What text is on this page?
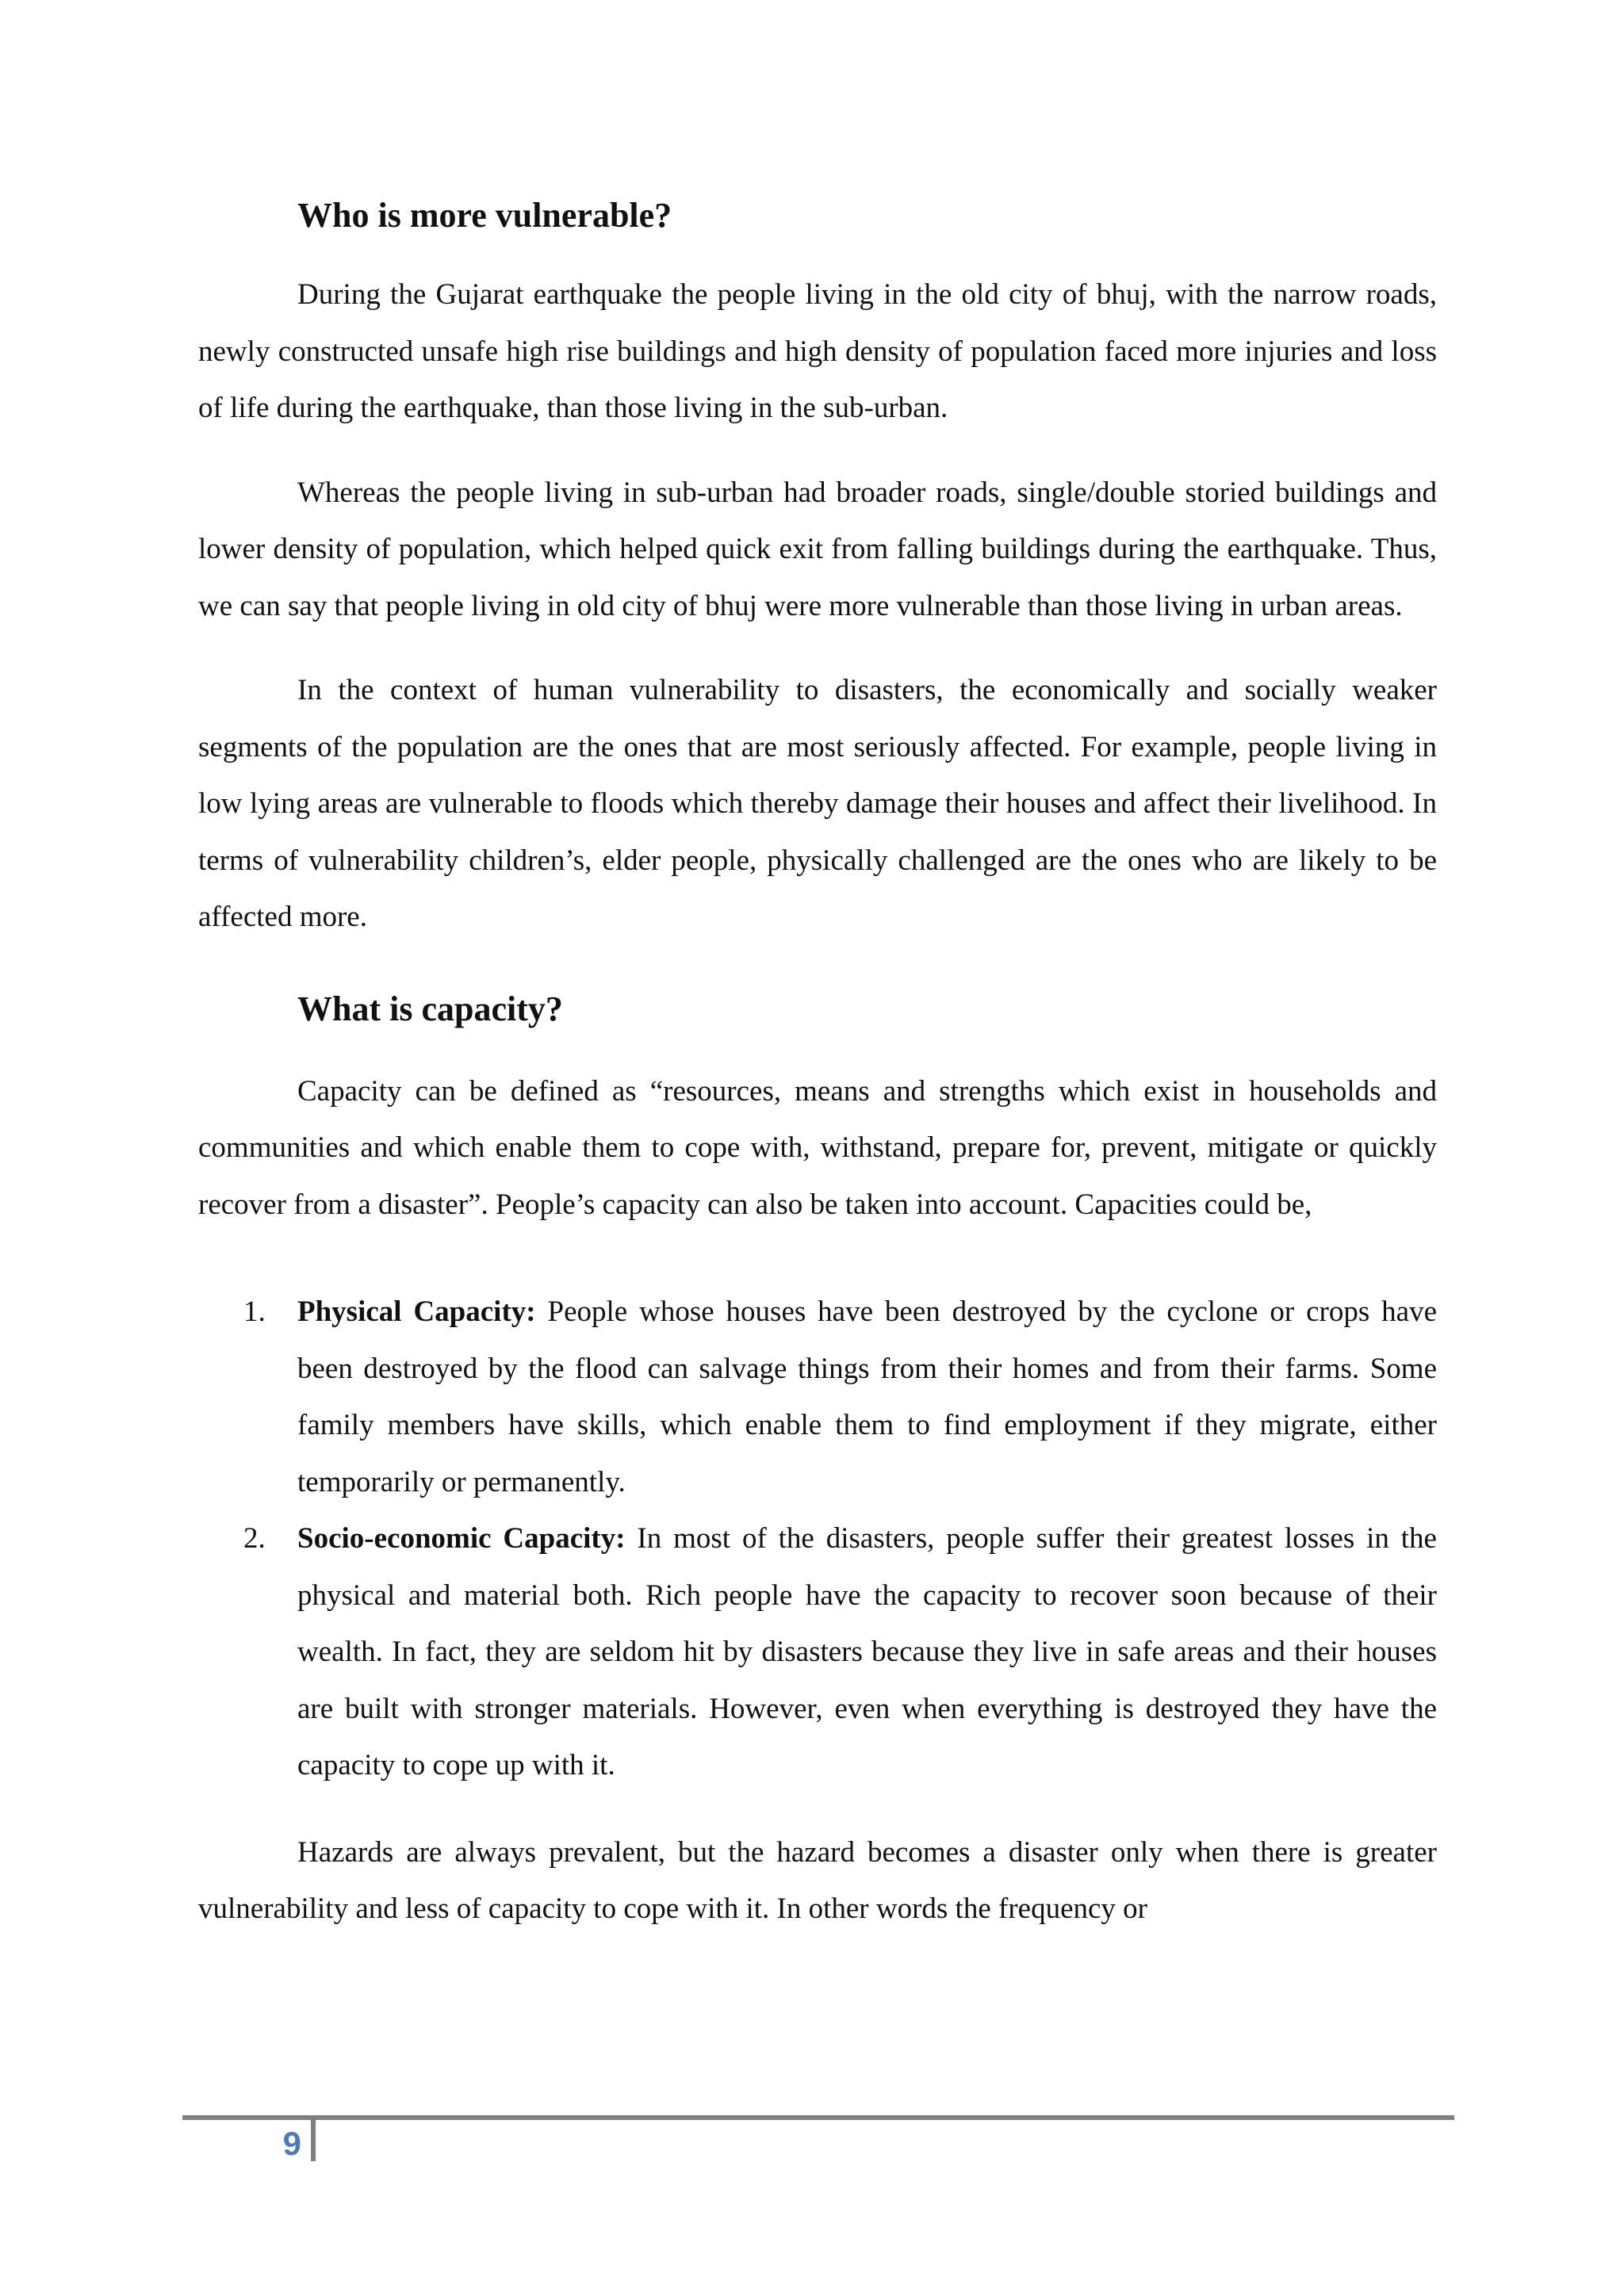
Who is more vulnerable?

During the Gujarat earthquake the people living in the old city of bhuj, with the narrow roads, newly constructed unsafe high rise buildings and high density of population faced more injuries and loss of life during the earthquake, than those living in the sub-urban.

Whereas the people living in sub-urban had broader roads, single/double storied buildings and lower density of population, which helped quick exit from falling buildings during the earthquake. Thus, we can say that people living in old city of bhuj were more vulnerable than those living in urban areas.

In the context of human vulnerability to disasters, the economically and socially weaker segments of the population are the ones that are most seriously affected. For example, people living in low lying areas are vulnerable to floods which thereby damage their houses and affect their livelihood. In terms of vulnerability children’s, elder people, physically challenged are the ones who are likely to be affected more.

What is capacity?

Capacity can be defined as “resources, means and strengths which exist in households and communities and which enable them to cope with, withstand, prepare for, prevent, mitigate or quickly recover from a disaster”. People’s capacity can also be taken into account. Capacities could be,

1. Physical Capacity: People whose houses have been destroyed by the cyclone or crops have been destroyed by the flood can salvage things from their homes and from their farms. Some family members have skills, which enable them to find employment if they migrate, either temporarily or permanently.
2. Socio-economic Capacity: In most of the disasters, people suffer their greatest losses in the physical and material both. Rich people have the capacity to recover soon because of their wealth. In fact, they are seldom hit by disasters because they live in safe areas and their houses are built with stronger materials. However, even when everything is destroyed they have the capacity to cope up with it.

Hazards are always prevalent, but the hazard becomes a disaster only when there is greater vulnerability and less of capacity to cope with it. In other words the frequency or

9
